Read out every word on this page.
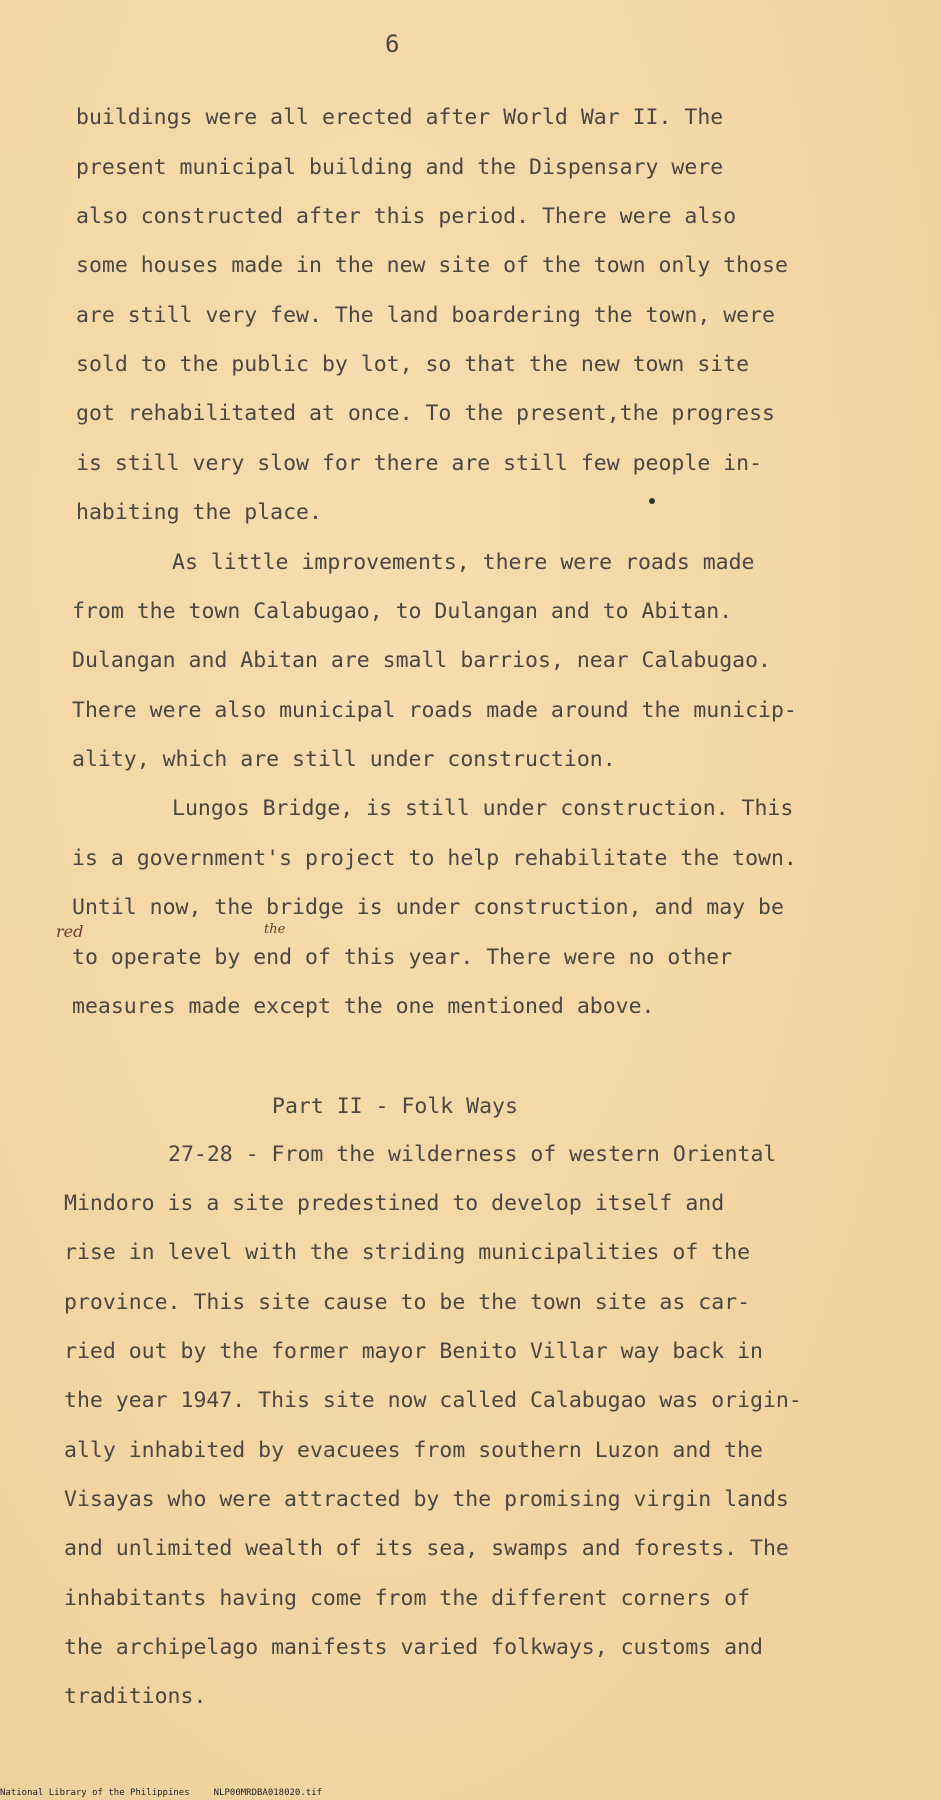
6
buildings were all erected after World War II. The
present municipal building and the Dispensary were
also constructed after this period. There were also
some houses made in the new site of the town only those
are still very few. The land boardering the town, were
sold to the public by lot, so that the new town site
got rehabilitated at once. To the present,the progress
is still very slow for there are still few people in-
habiting the place.
As little improvements, there were roads made
from the town Calabugao, to Dulangan and to Abitan.
Dulangan and Abitan are small barrios, near Calabugao.
There were also municipal roads made around the municip-
ality, which are still under construction.
Lungos Bridge, is still under construction. This
is a government's project to help rehabilitate the town.
Until now, the bridge is under construction, and may be
red	the
to operate by end of this year. There were no other
measures made except the one mentioned above.
Part II - Folk Ways
27-28 - From the wilderness of western Oriental
Mindoro is a site predestined to develop itself and
rise in level with the striding municipalities of the
province. This site cause to be the town site as car-
ried out by the former mayor Benito Villar way back in
the year 1947. This site now called Calabugao was origin-
ally inhabited by evacuees from southern Luzon and the
Visayas who were attracted by the promising virgin lands
and unlimited wealth of its sea, swamps and forests. The
inhabitants having come from the different corners of
the archipelago manifests varied folkways, customs and
traditions.
National Library of the Philippines	NLP00MRDBA018020.tif
